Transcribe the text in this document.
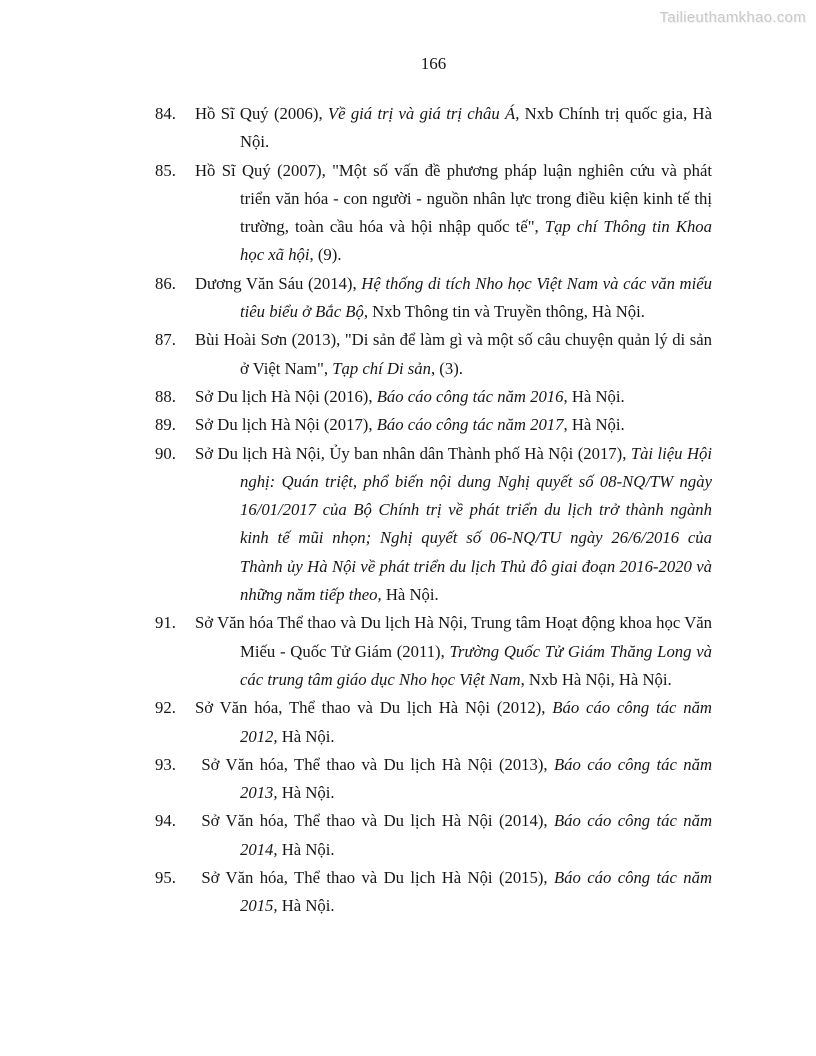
Tailieuthamkhao.com
166

84. Hồ Sĩ Quý (2006), Về giá trị và giá trị châu Á, Nxb Chính trị quốc gia, Hà Nội.

85. Hồ Sĩ Quý (2007), "Một số vấn đề phương pháp luận nghiên cứu và phát triển văn hóa - con người - nguồn nhân lực trong điều kiện kinh tế thị trường, toàn cầu hóa và hội nhập quốc tế", Tạp chí Thông tin Khoa học xã hội, (9).

86. Dương Văn Sáu (2014), Hệ thống di tích Nho học Việt Nam và các văn miếu tiêu biểu ở Bắc Bộ, Nxb Thông tin và Truyền thông, Hà Nội.

87. Bùi Hoài Sơn (2013), "Di sản để làm gì và một số câu chuyện quản lý di sản ở Việt Nam", Tạp chí Di sản, (3).

88. Sở Du lịch Hà Nội (2016), Báo cáo công tác năm 2016, Hà Nội.

89. Sở Du lịch Hà Nội (2017), Báo cáo công tác năm 2017, Hà Nội.

90. Sở Du lịch Hà Nội, Ủy ban nhân dân Thành phố Hà Nội (2017), Tài liệu Hội nghị: Quán triệt, phổ biến nội dung Nghị quyết số 08-NQ/TW ngày 16/01/2017 của Bộ Chính trị về phát triển du lịch trở thành ngành kinh tế mũi nhọn; Nghị quyết số 06-NQ/TU ngày 26/6/2016 của Thành ủy Hà Nội về phát triển du lịch Thủ đô giai đoạn 2016-2020 và những năm tiếp theo, Hà Nội.

91. Sở Văn hóa Thể thao và Du lịch Hà Nội, Trung tâm Hoạt động khoa học Văn Miếu - Quốc Tử Giám (2011), Trường Quốc Tử Giám Thăng Long và các trung tâm giáo dục Nho học Việt Nam, Nxb Hà Nội, Hà Nội.

92. Sở Văn hóa, Thể thao và Du lịch Hà Nội (2012), Báo cáo công tác năm 2012, Hà Nội.

93. Sở Văn hóa, Thể thao và Du lịch Hà Nội (2013), Báo cáo công tác năm 2013, Hà Nội.

94. Sở Văn hóa, Thể thao và Du lịch Hà Nội (2014), Báo cáo công tác năm 2014, Hà Nội.

95. Sở Văn hóa, Thể thao và Du lịch Hà Nội (2015), Báo cáo công tác năm 2015, Hà Nội.
